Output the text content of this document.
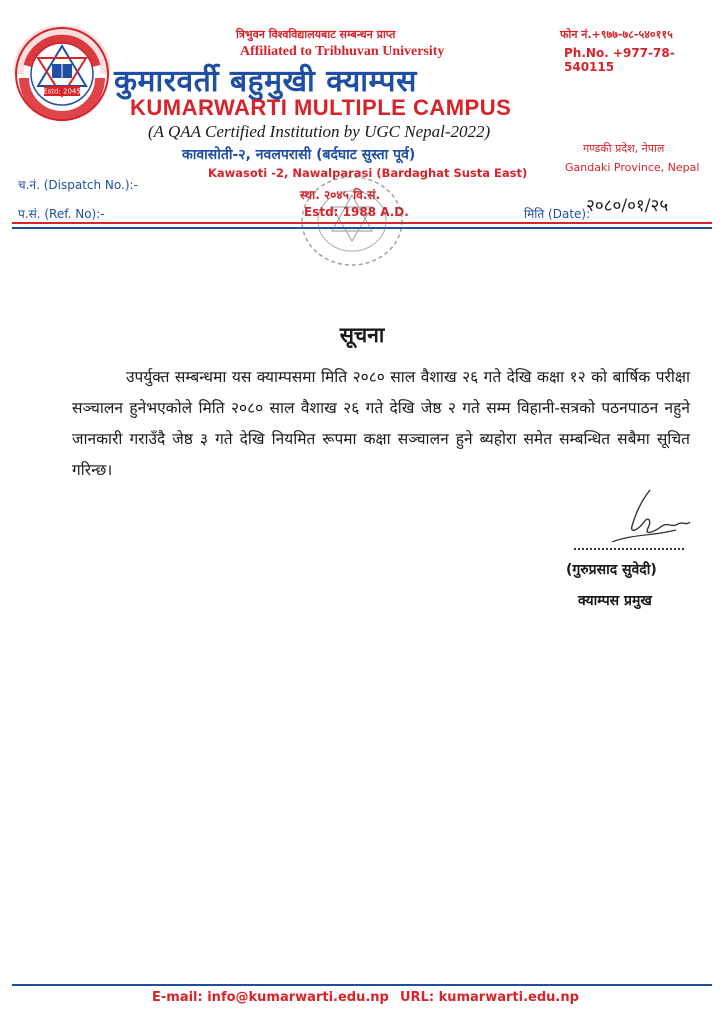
Estd: 2045
त्रिभुवन विश्वविद्यालयबाट सम्बन्धन प्राप्त
Affiliated to Tribhuvan University
फोन नं.+९७७-७८-५४०११५
Ph.No. +977-78-540115
कुमारवर्ती बहुमुखी क्याम्पस
KUMARWARTI MULTIPLE CAMPUS
(A QAA Certified Institution by UGC Nepal-2022)
कावासोती-२, नवलपरासी (बर्दघाट सुस्ता पूर्व)
Kawasoti -2, Nawalparasi (Bardaghat Susta East)
स्था. २०४५ वि.सं.
Estd: 1988 A.D.
गण्डकी प्रदेश, नेपाल
Gandaki Province, Nepal
च.नं. (Dispatch No.):-
प.सं. (Ref. No):-	मिति (Date):
२०८०/०१/२५
सूचना

उपर्युक्त सम्बन्धमा यस क्याम्पसमा मिति २०८० साल वैशाख २६ गते देखि कक्षा १२ को बार्षिक परीक्षा सञ्चालन हुनेभएकोले मिति २०८० साल वैशाख २६ गते देखि जेष्ठ २ गते सम्म विहानी-सत्रको पठनपाठन नहुने जानकारी गराउँदै जेष्ठ ३ गते देखि नियमित रूपमा कक्षा सञ्चालन हुने ब्यहोरा समेत सम्बन्धित सबैमा सूचित गरिन्छ।

(गुरुप्रसाद सुवेदी)
क्याम्पस प्रमुख
E-mail: info@kumarwarti.edu.np URL: kumarwarti.edu.np
